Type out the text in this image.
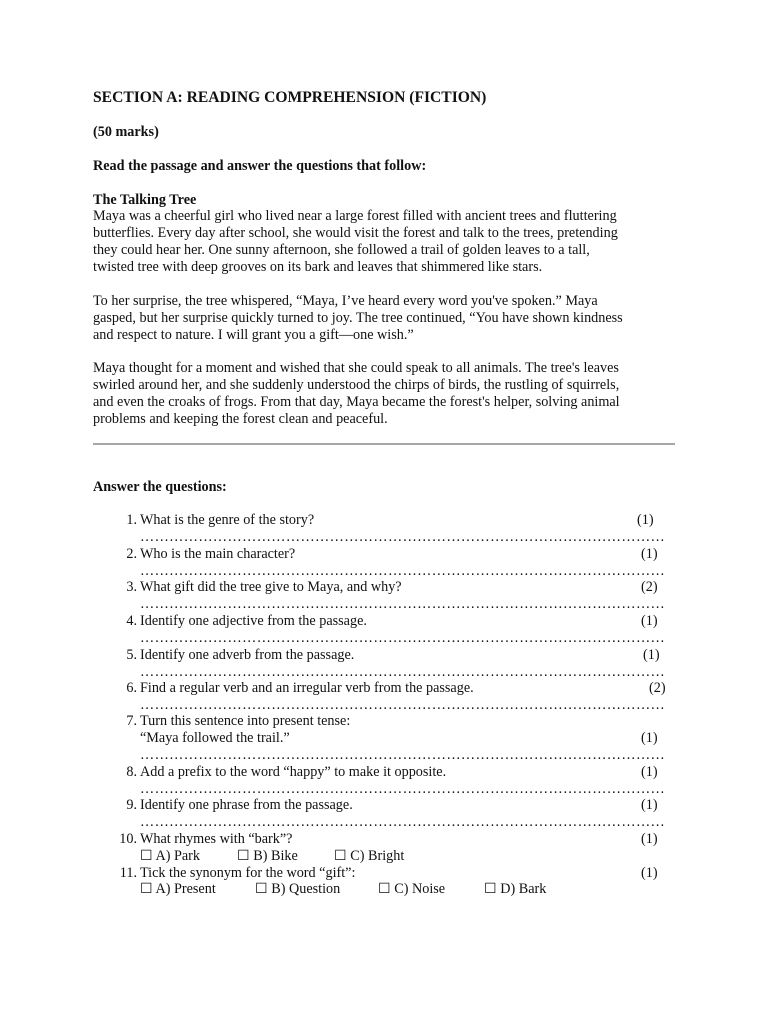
SECTION A: READING COMPREHENSION (FICTION)
(50 marks)
Read the passage and answer the questions that follow:
The Talking Tree
Maya was a cheerful girl who lived near a large forest filled with ancient trees and fluttering
butterflies. Every day after school, she would visit the forest and talk to the trees, pretending
they could hear her. One sunny afternoon, she followed a trail of golden leaves to a tall,
twisted tree with deep grooves on its bark and leaves that shimmered like stars.
To her surprise, the tree whispered, “Maya, I’ve heard every word you've spoken.” Maya
gasped, but her surprise quickly turned to joy. The tree continued, “You have shown kindness
and respect to nature. I will grant you a gift—one wish.”
Maya thought for a moment and wished that she could speak to all animals. The tree's leaves
swirled around her, and she suddenly understood the chirps of birds, the rustling of squirrels,
and even the croaks of frogs. From that day, Maya became the forest's helper, solving animal
problems and keeping the forest clean and peaceful.
Answer the questions:
1. What is the genre of the story?	(1)
………………………………………………………………………………………………
2. Who is the main character?	(1)
………………………………………………………………………………………………
3. What gift did the tree give to Maya, and why?	(2)
………………………………………………………………………………………………
4. Identify one adjective from the passage.	(1)
………………………………………………………………………………………………
5. Identify one adverb from the passage.	(1)
………………………………………………………………………………………………
6. Find a regular verb and an irregular verb from the passage.	(2)
………………………………………………………………………………………………
7. Turn this sentence into present tense:
“Maya followed the trail.”	(1)
………………………………………………………………………………………………
8. Add a prefix to the word “happy” to make it opposite.	(1)
………………………………………………………………………………………………
9. Identify one phrase from the passage.	(1)
………………………………………………………………………………………………
10. What rhymes with “bark”?	(1)
☐ A) Park	☐ B) Bike	☐ C) Bright
11. Tick the synonym for the word “gift”:	(1)
☐ A) Present	☐ B) Question	☐ C) Noise	☐ D) Bark
